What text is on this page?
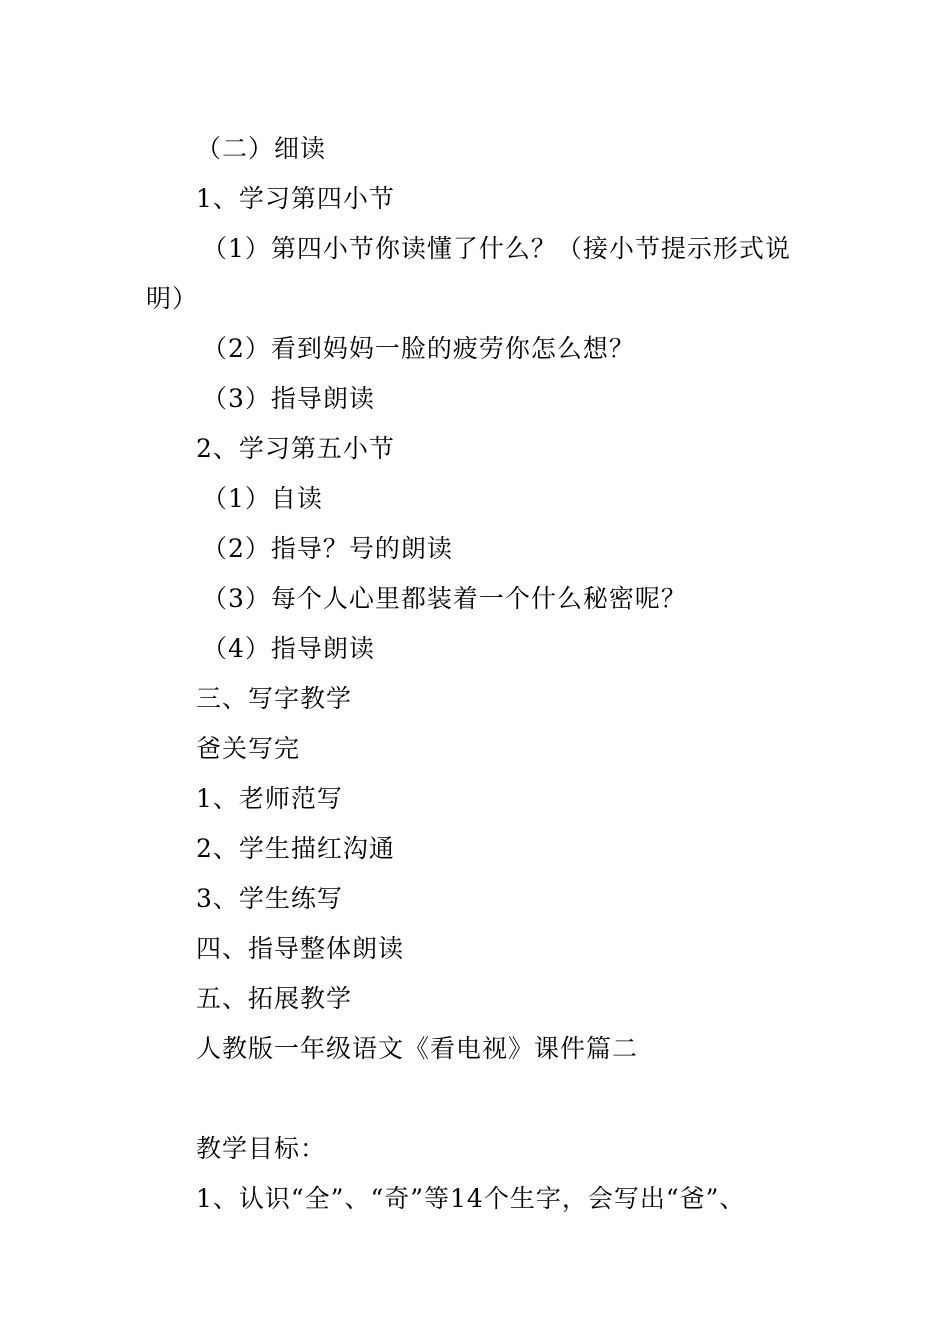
（二）细读
1、学习第四小节
（1）第四小节你读懂了什么？（接小节提示形式说
明）
（2）看到妈妈一脸的疲劳你怎么想？
（3）指导朗读
2、学习第五小节
（1）自读
（2）指导？号的朗读
（3）每个人心里都装着一个什么秘密呢？
（4）指导朗读
三、写字教学
爸关写完
1、老师范写
2、学生描红沟通
3、学生练写
四、指导整体朗读
五、拓展教学
人教版一年级语文《看电视》课件篇二
教学目标：
1、认识“全”、“奇”等14个生字，会写出“爸”、
